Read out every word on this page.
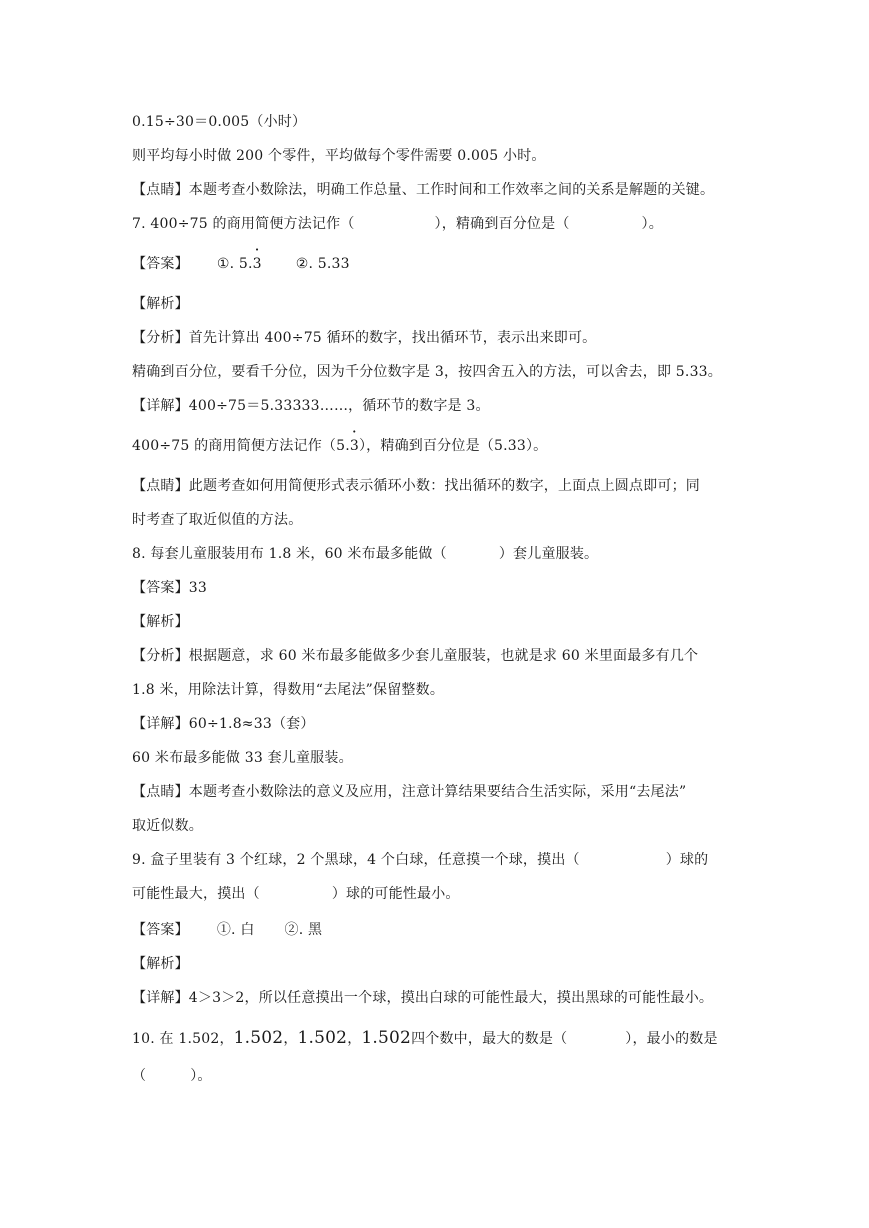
0.15÷30＝0.005（小时）
则平均每小时做 200 个零件，平均做每个零件需要 0.005 小时。
【点睛】本题考查小数除法，明确工作总量、工作时间和工作效率之间的关系是解题的关键。
7. 400÷75 的商用简便方法记作（	），精确到百分位是（	）。
【答案】 ①. 5.· 3 ②. 5.33
【解析】
【分析】首先计算出 400÷75 循环的数字，找出循环节，表示出来即可。
精确到百分位，要看千分位，因为千分位数字是 3，按四舍五入的方法，可以舍去，即 5.33。
【详解】400÷75＝5.33333……，循环节的数字是 3。
400÷75 的商用简便方法记作（5.· 3），精确到百分位是（5.33）。
【点睛】此题考查如何用简便形式表示循环小数：找出循环的数字，上面点上圆点即可；同
时考查了取近似值的方法。
8. 每套儿童服装用布 1.8 米，60 米布最多能做（	）套儿童服装。
【答案】33
【解析】
【分析】根据题意，求 60 米布最多能做多少套儿童服装，也就是求 60 米里面最多有几个
1.8 米，用除法计算，得数用“去尾法”保留整数。
【详解】60÷1.8≈33（套）
60 米布最多能做 33 套儿童服装。
【点睛】本题考查小数除法的意义及应用，注意计算结果要结合生活实际，采用“去尾法”
取近似数。
9. 盒子里装有 3 个红球，2 个黑球，4 个白球，任意摸一个球，摸出（	）球的
可能性最大，摸出（	）球的可能性最小。
【答案】 ①. 白 ②. 黑
【解析】
【详解】4＞3＞2，所以任意摸出一个球，摸出白球的可能性最大，摸出黑球的可能性最小。
10. 在 1.502，1.502，1.502，1.502四个数中，最大的数是（	），最小的数是
（	）。
